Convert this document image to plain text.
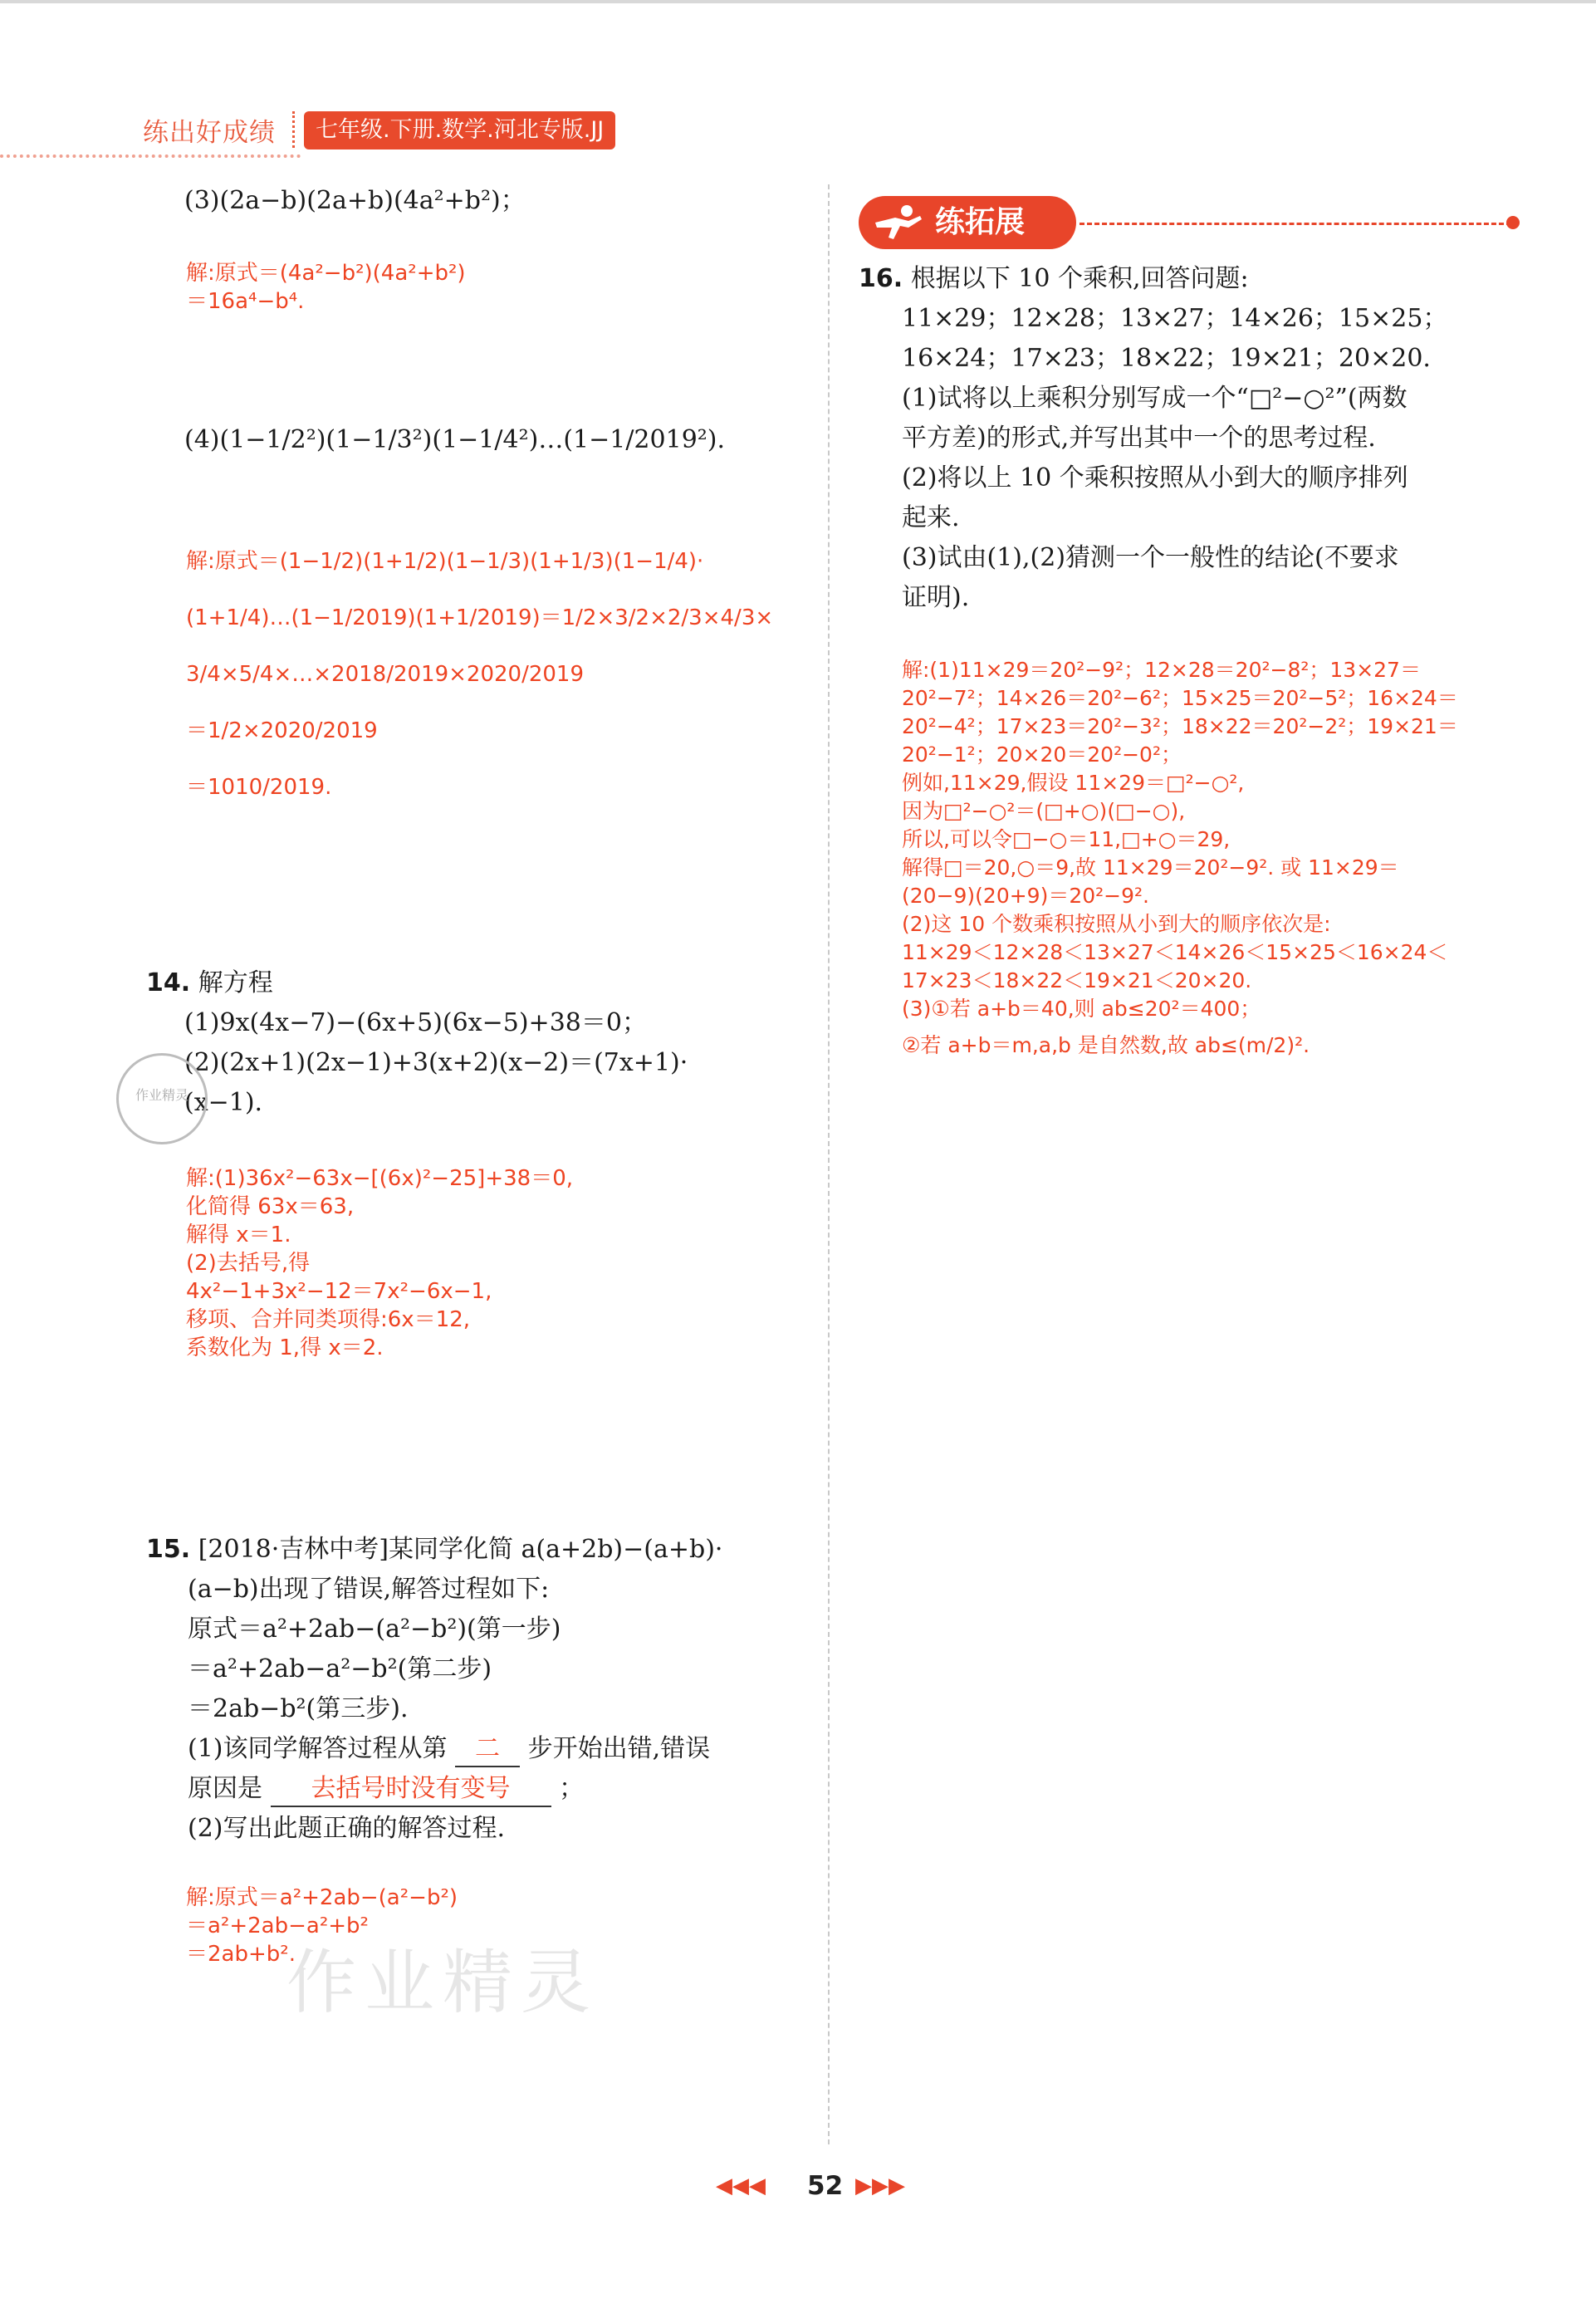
练出好成绩	七年级.下册.数学.河北专版.JJ
(3)(2a−b)(2a+b)(4a²+b²)；
解:原式＝(4a²−b²)(4a²+b²)
＝16a⁴−b⁴.
(4)(1−1/2²)(1−1/3²)(1−1/4²)…(1−1/2019²).
解:原式＝(1−1/2)(1+1/2)(1−1/3)(1+1/3)(1−1/4)·
(1+1/4)…(1−1/2019)(1+1/2019)＝1/2×3/2×2/3×4/3×
3/4×5/4×…×2018/2019×2020/2019
＝1/2×2020/2019
＝1010/2019.
14. 解方程
(1)9x(4x−7)−(6x+5)(6x−5)+38＝0；
(2)(2x+1)(2x−1)+3(x+2)(x−2)＝(7x+1)·
(x−1).
作业精灵
解:(1)36x²−63x−[(6x)²−25]+38＝0,
化简得 63x＝63,
解得 x＝1.
(2)去括号,得
4x²−1+3x²−12＝7x²−6x−1,
移项、合并同类项得:6x＝12,
系数化为 1,得 x＝2.
15. [2018·吉林中考]某同学化简 a(a+2b)−(a+b)·
(a−b)出现了错误,解答过程如下:
原式＝a²+2ab−(a²−b²)(第一步)
＝a²+2ab−a²−b²(第二步)
＝2ab−b²(第三步).
(1)该同学解答过程从第 二 步开始出错,错误
原因是 去括号时没有变号 ；
(2)写出此题正确的解答过程.
解:原式＝a²+2ab−(a²−b²)
＝a²+2ab−a²+b²
＝2ab+b².
作业精灵
练拓展
16. 根据以下 10 个乘积,回答问题:
11×29；12×28；13×27；14×26；15×25；
16×24；17×23；18×22；19×21；20×20.
(1)试将以上乘积分别写成一个“□²−○²”(两数
平方差)的形式,并写出其中一个的思考过程.
(2)将以上 10 个乘积按照从小到大的顺序排列
起来.
(3)试由(1),(2)猜测一个一般性的结论(不要求
证明).
解:(1)11×29＝20²−9²；12×28＝20²−8²；13×27＝
20²−7²；14×26＝20²−6²；15×25＝20²−5²；16×24＝
20²−4²；17×23＝20²−3²；18×22＝20²−2²；19×21＝
20²−1²；20×20＝20²−0²；
例如,11×29,假设 11×29＝□²−○²,
因为□²−○²＝(□+○)(□−○),
所以,可以令□−○＝11,□+○＝29,
解得□＝20,○＝9,故 11×29＝20²−9². 或 11×29＝
(20−9)(20+9)＝20²−9².
(2)这 10 个数乘积按照从小到大的顺序依次是:
11×29＜12×28＜13×27＜14×26＜15×25＜16×24＜
17×23＜18×22＜19×21＜20×20.
(3)①若 a+b＝40,则 ab≤20²＝400；
②若 a+b＝m,a,b 是自然数,故 ab≤(m/2)².
◀◀◀ 52 ▶▶▶
